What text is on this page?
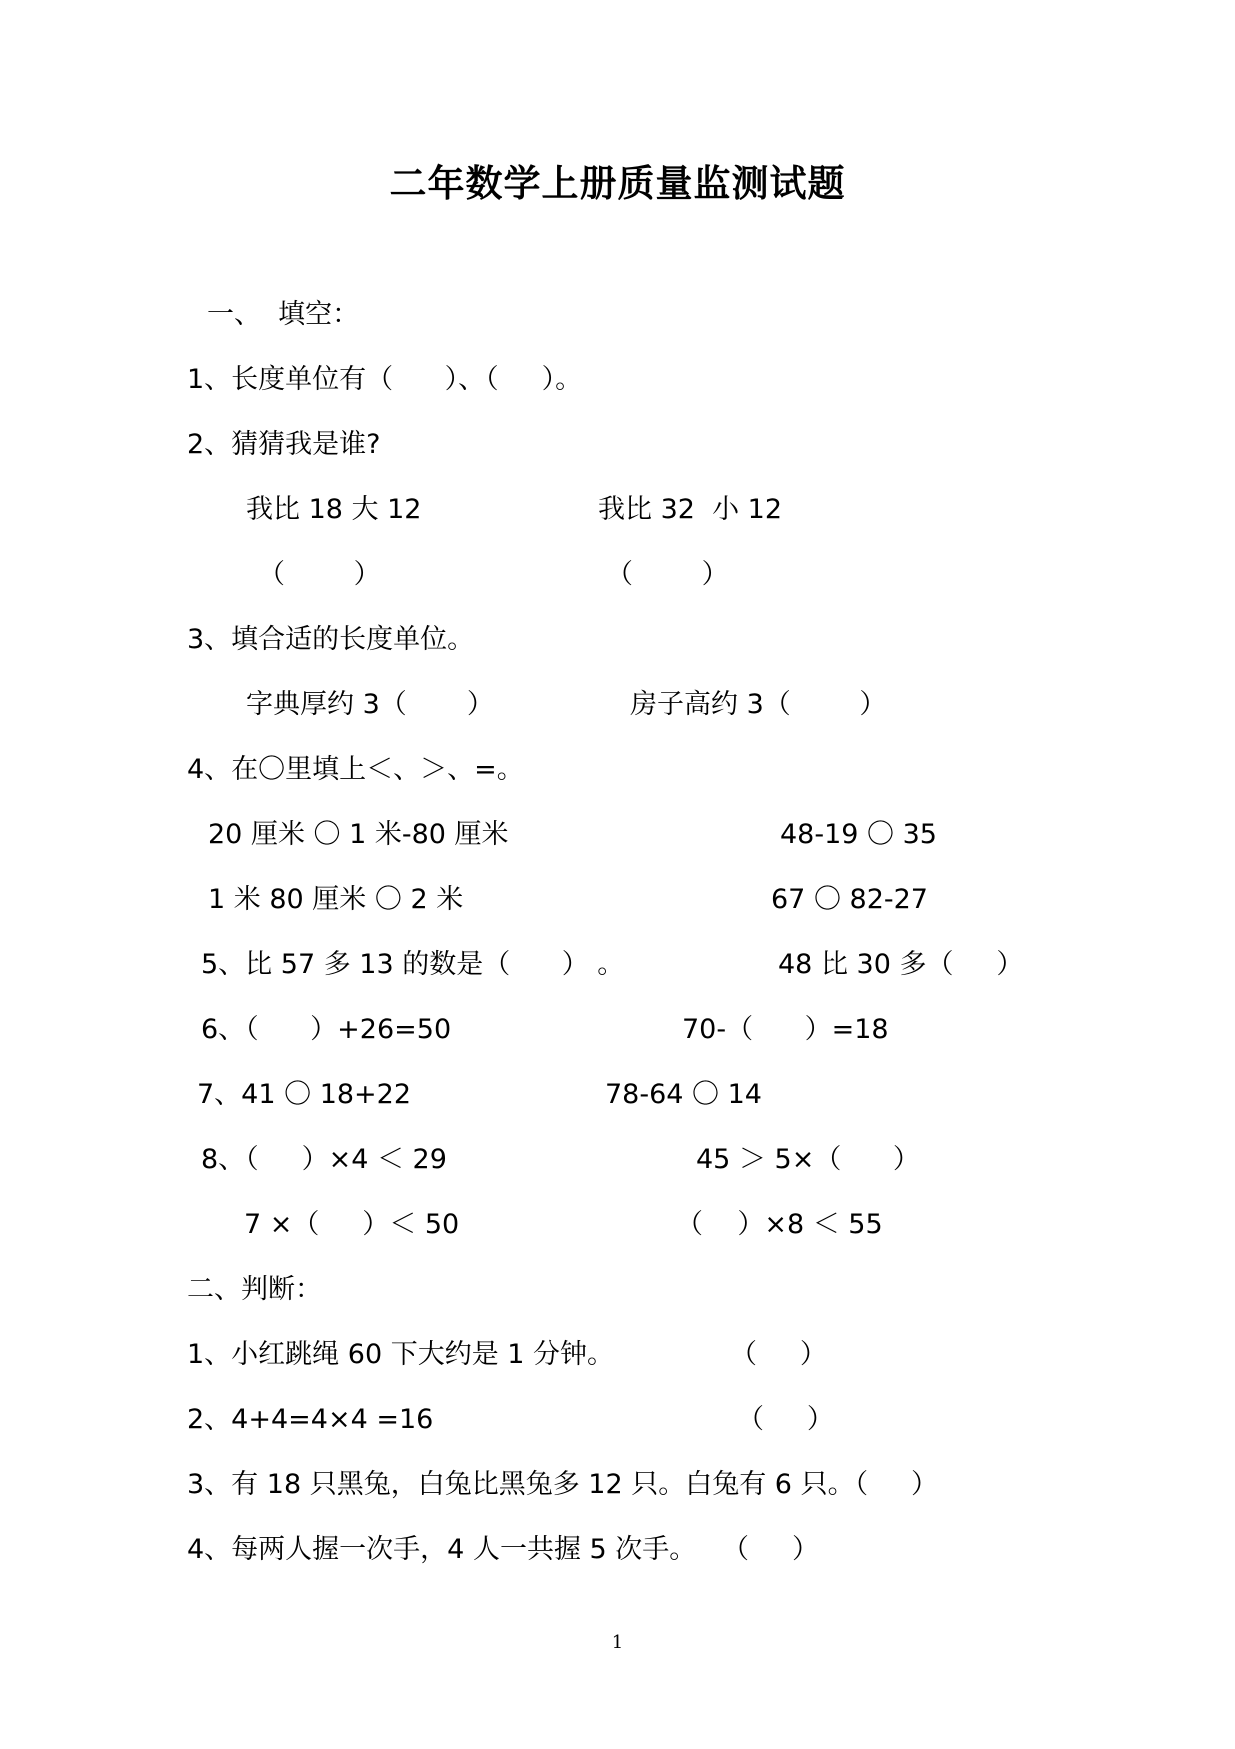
二年数学上册质量监测试题
一、  填空：
1、长度单位有（      ）、（     ）。
2、猜猜我是谁?
我比 18 大 12	我比 32  小 12
（        ）	（        ）
3、填合适的长度单位。
字典厚约 3（       ）	房子高约 3（        ）
4、在〇里填上＜、＞、=。
20 厘米 〇 1 米-80 厘米	48-19 〇 35
1 米 80 厘米 〇 2 米	67 〇 82-27
5、比 57 多 13 的数是（      ） 。	48 比 30 多（     ）
6、（      ）+26=50	70-（      ）=18
7、41 〇 18+22	78-64 〇 14
8、（     ）×4 ＜ 29	45 ＞ 5×（      ）
7 ×（     ）＜ 50	（    ）×8 ＜ 55
二、判断：
1、小红跳绳 60 下大约是 1 分钟。	（     ）
2、4+4=4×4 =16	（     ）
3、有 18 只黑兔，白兔比黑兔多 12 只。白兔有 6 只。（     ）
4、每两人握一次手，4 人一共握 5 次手。   （     ）
1
